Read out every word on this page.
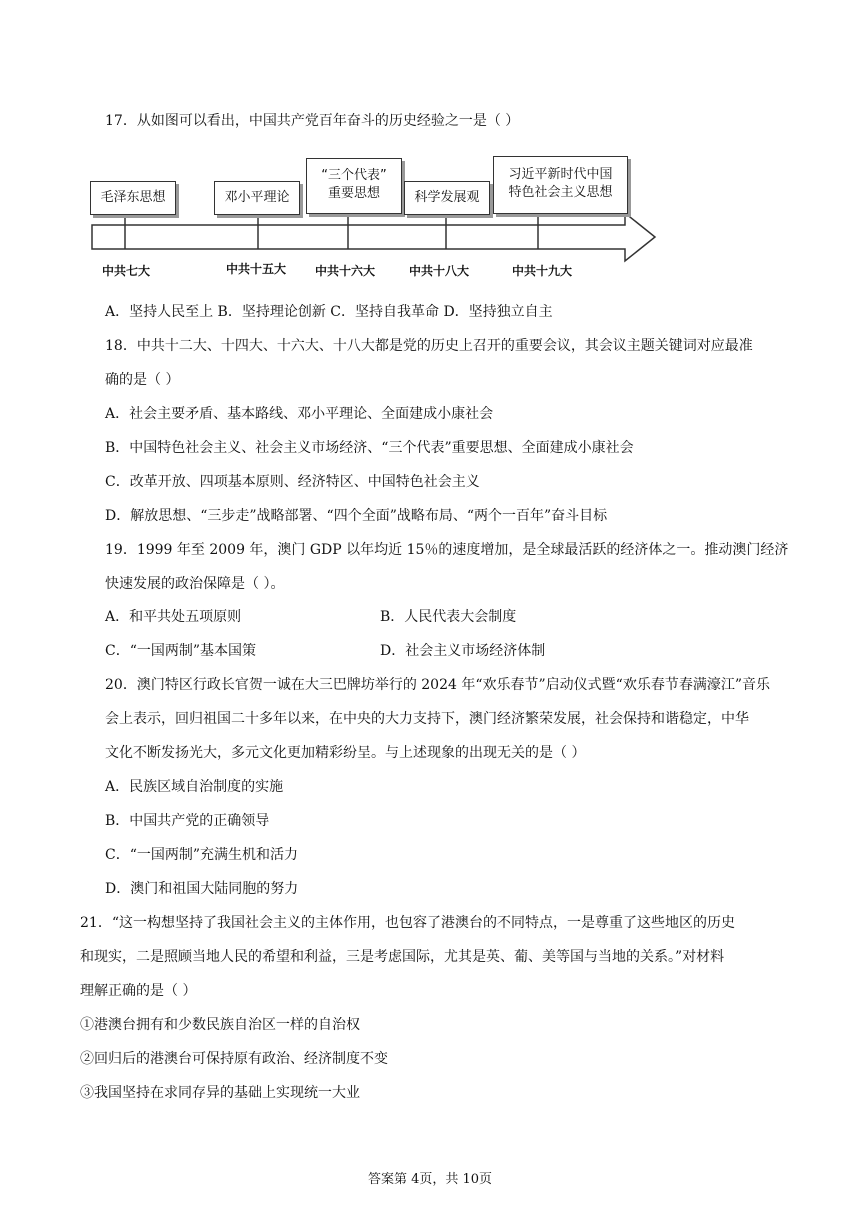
17．从如图可以看出，中国共产党百年奋斗的历史经验之一是（ ）
毛泽东思想	邓小平理论
“三个代表”
重要思想	科学发展观
习近平新时代中国
特色社会主义思想
中共七大	中共十五大 中共十六大	中共十八大	中共十九大
A．坚持人民至上 B．坚持理论创新 C．坚持自我革命 D．坚持独立自主
18．中共十二大、十四大、十六大、十八大都是党的历史上召开的重要会议，其会议主题关键词对应最准
确的是（ ）
A．社会主要矛盾、基本路线、邓小平理论、全面建成小康社会
B．中国特色社会主义、社会主义市场经济、“三个代表”重要思想、全面建成小康社会
C．改革开放、四项基本原则、经济特区、中国特色社会主义
D．解放思想、“三步走”战略部署、“四个全面”战略布局、“两个一百年”奋斗目标
19．1999 年至 2009 年，澳门 GDP 以年均近 15％的速度增加，是全球最活跃的经济体之一。推动澳门经济
快速发展的政治保障是（ ）。
A．和平共处五项原则	B．人民代表大会制度
C．“一国两制”基本国策	D．社会主义市场经济体制
20．澳门特区行政长官贺一诚在大三巴牌坊举行的 2024 年“欢乐春节”启动仪式暨“欢乐春节春满濠江”音乐
会上表示，回归祖国二十多年以来，在中央的大力支持下，澳门经济繁荣发展，社会保持和谐稳定，中华
文化不断发扬光大，多元文化更加精彩纷呈。与上述现象的出现无关的是（ ）
A．民族区域自治制度的实施
B．中国共产党的正确领导
C．“一国两制”充满生机和活力
D．澳门和祖国大陆同胞的努力
21．“这一构想坚持了我国社会主义的主体作用，也包容了港澳台的不同特点，一是尊重了这些地区的历史
和现实，二是照顾当地人民的希望和利益，三是考虑国际，尤其是英、葡、美等国与当地的关系。”对材料
理解正确的是（ ）
①港澳台拥有和少数民族自治区一样的自治权
②回归后的港澳台可保持原有政治、经济制度不变
③我国坚持在求同存异的基础上实现统一大业
答案第 4页，共 10页
